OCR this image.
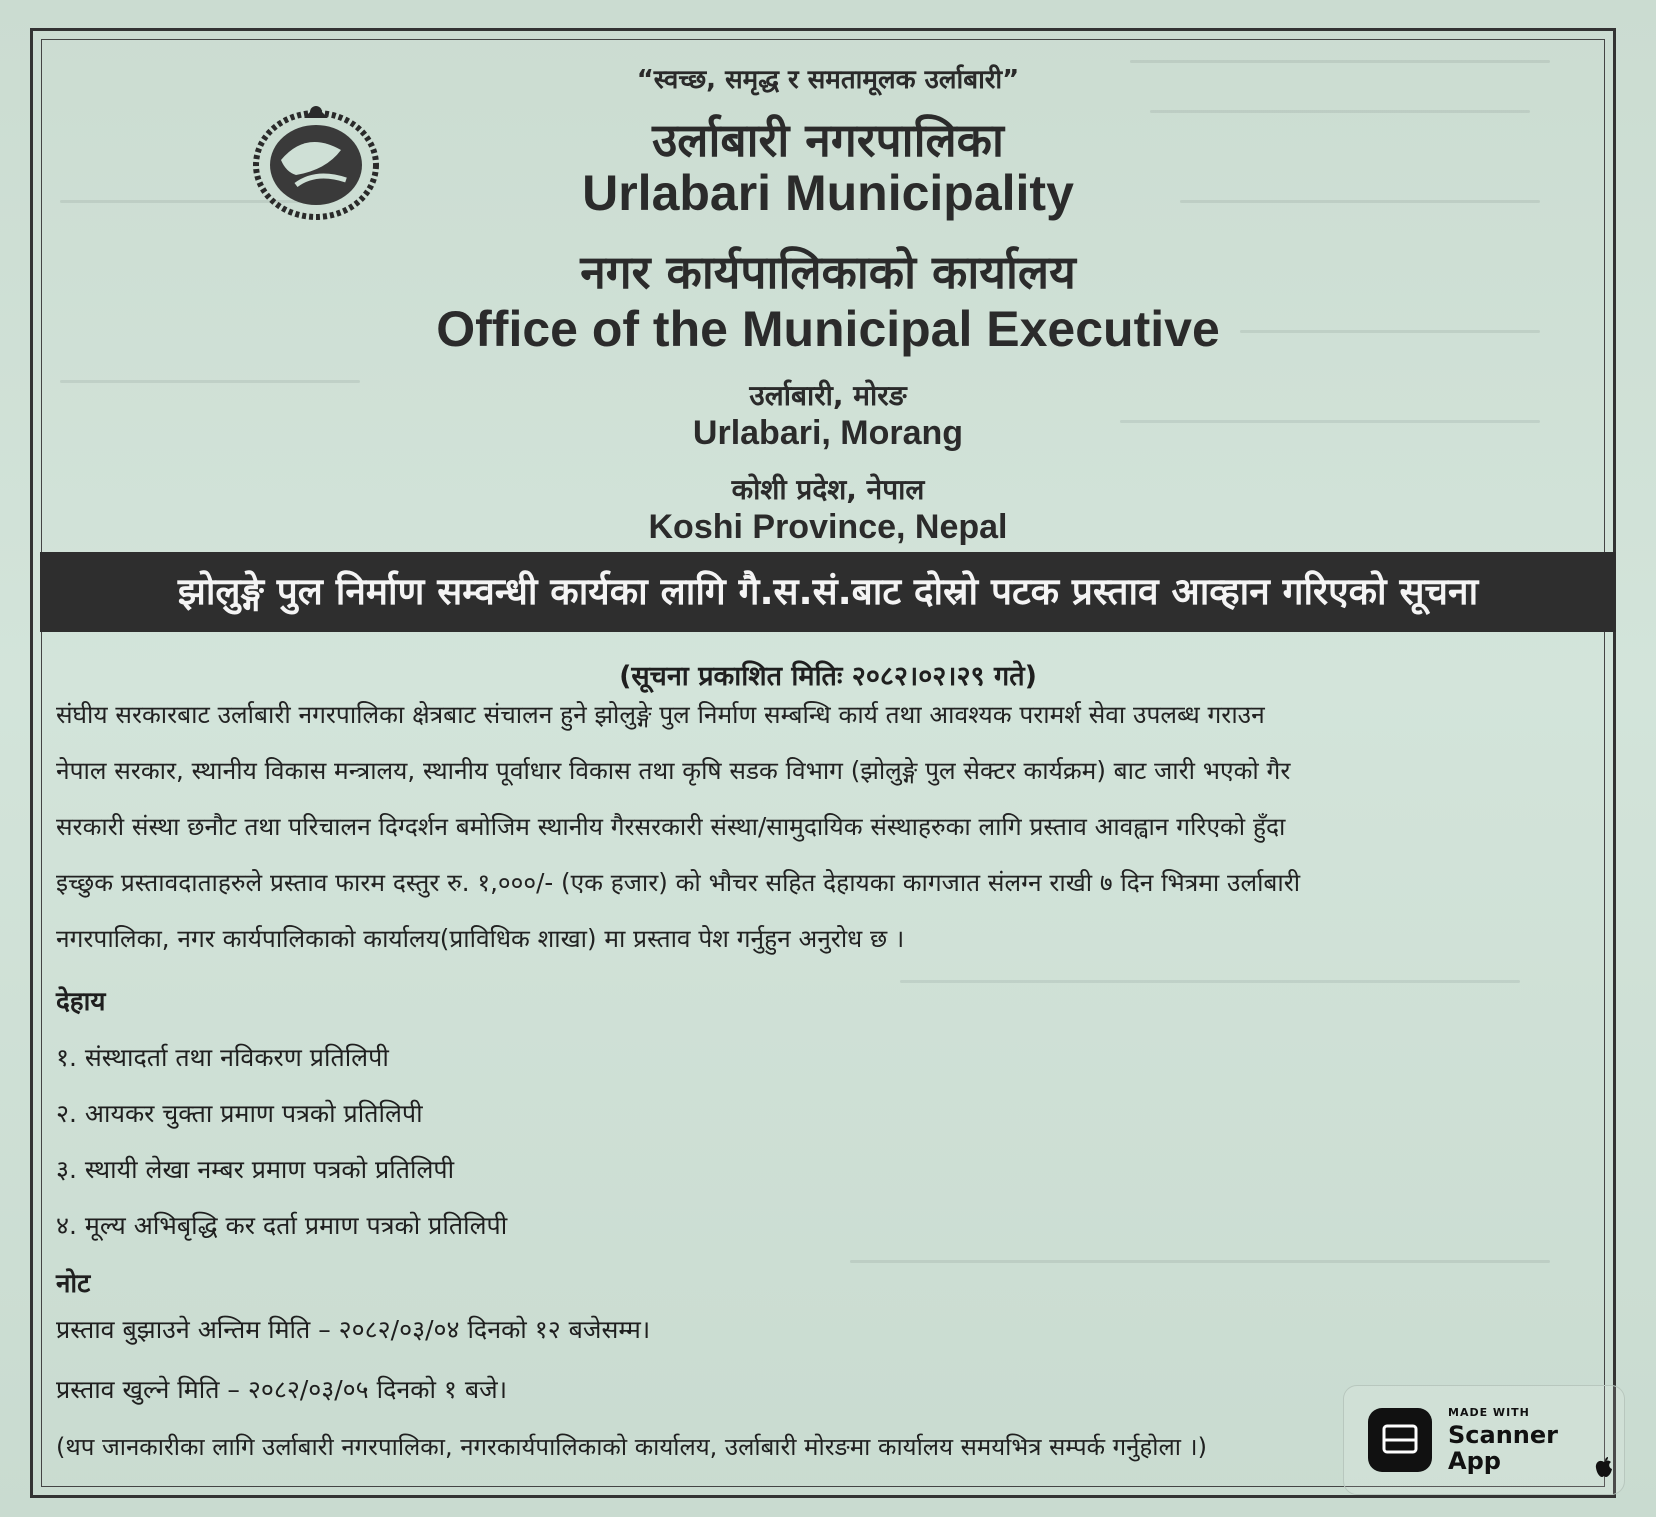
“स्वच्छ, समृद्ध र समतामूलक उर्लाबारी”
उर्लाबारी नगरपालिका
Urlabari Municipality
नगर कार्यपालिकाको कार्यालय
Office of the Municipal Executive
उर्लाबारी, मोरङ
Urlabari, Morang
कोशी प्रदेश, नेपाल
Koshi Province, Nepal
झोलुङ्गे पुल निर्माण सम्वन्धी कार्यका लागि गै.स.सं.बाट दोस्रो पटक प्रस्ताव आव्हान गरिएको सूचना
(सूचना प्रकाशित मितिः २०८२।०२।२९ गते)
संघीय सरकारबाट उर्लाबारी नगरपालिका क्षेत्रबाट संचालन हुने झोलुङ्गे पुल निर्माण सम्बन्धि कार्य तथा आवश्यक परामर्श सेवा उपलब्ध गराउन
नेपाल सरकार, स्थानीय विकास मन्त्रालय, स्थानीय पूर्वाधार विकास तथा कृषि सडक विभाग (झोलुङ्गे पुल सेक्टर कार्यक्रम) बाट जारी भएको गैर
सरकारी संस्था छनौट तथा परिचालन दिग्दर्शन बमोजिम स्थानीय गैरसरकारी संस्था/सामुदायिक संस्थाहरुका लागि प्रस्ताव आवह्वान गरिएको हुँदा
इच्छुक प्रस्तावदाताहरुले प्रस्ताव फारम दस्तुर रु. १,०००/- (एक हजार) को भौचर सहित देहायका कागजात संलग्न राखी ७ दिन भित्रमा उर्लाबारी
नगरपालिका, नगर कार्यपालिकाको कार्यालय(प्राविधिक शाखा) मा प्रस्ताव पेश गर्नुहुन अनुरोध छ ।
देहाय
१. संस्थादर्ता तथा नविकरण प्रतिलिपी
२. आयकर चुक्ता प्रमाण पत्रको प्रतिलिपी
३. स्थायी लेखा नम्बर प्रमाण पत्रको प्रतिलिपी
४. मूल्य अभिबृद्धि कर दर्ता प्रमाण पत्रको प्रतिलिपी
नोट
प्रस्ताव बुझाउने अन्तिम मिति – २०८२/०३/०४ दिनको १२ बजेसम्म।
प्रस्ताव खुल्ने मिति – २०८२/०३/०५ दिनको १ बजे।
(थप जानकारीका लागि उर्लाबारी नगरपालिका, नगरकार्यपालिकाको कार्यालय, उर्लाबारी मोरङमा कार्यालय समयभित्र सम्पर्क गर्नुहोला ।)
MADE WITH
Scanner App
